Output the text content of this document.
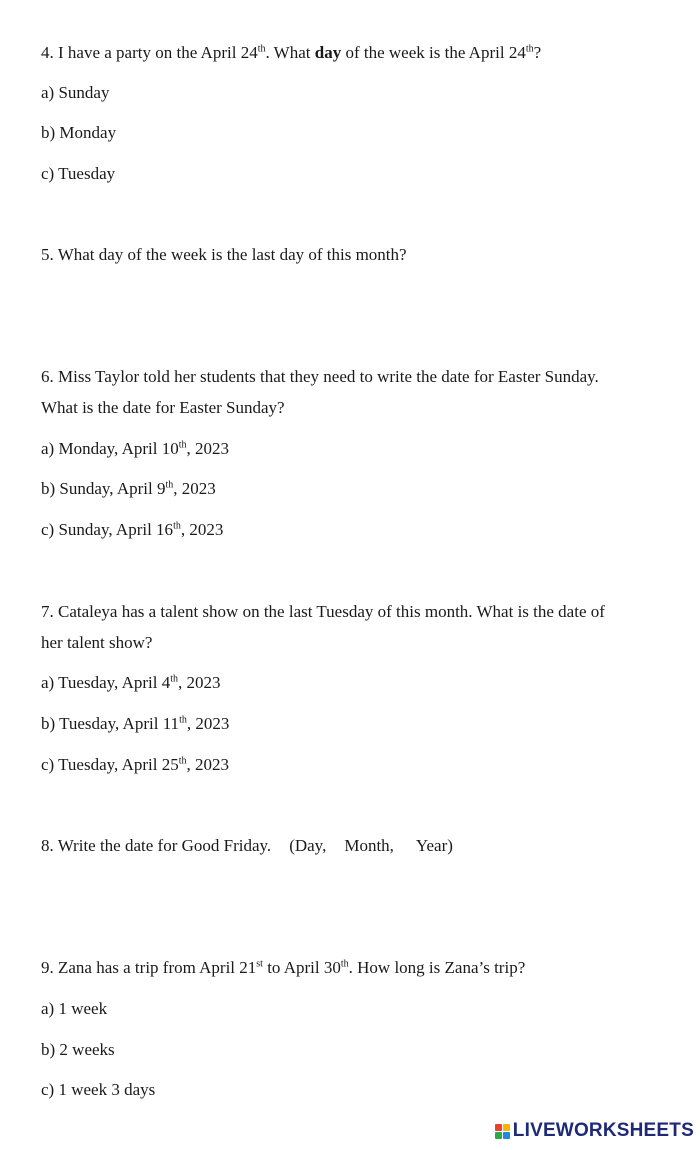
4. I have a party on the April 24th. What day of the week is the April 24th?
a) Sunday
b) Monday
c) Tuesday
5. What day of the week is the last day of this month?
6. Miss Taylor told her students that they need to write the date for Easter Sunday.
What is the date for Easter Sunday?
a) Monday, April 10th, 2023
b) Sunday, April 9th, 2023
c) Sunday, April 16th, 2023
7. Cataleya has a talent show on the last Tuesday of this month. What is the date of
her talent show?
a) Tuesday, April 4th, 2023
b) Tuesday, April 11th, 2023
c) Tuesday, April 25th, 2023
8. Write the date for Good Friday. (Day, Month, Year)
9. Zana has a trip from April 21st to April 30th. How long is Zana’s trip?
a) 1 week
b) 2 weeks
c) 1 week 3 days
LIVEWORKSHEETS
